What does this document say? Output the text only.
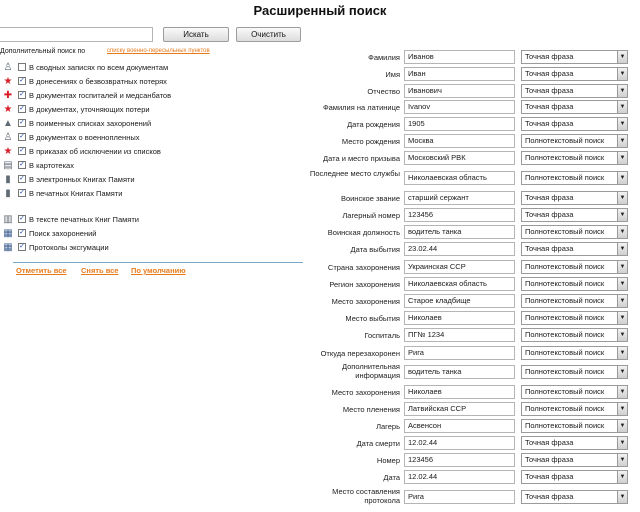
Расширенный поиск
Искать	Очистить
Дополнительный поиск по	списку военно-пересыльных пунктов
♙ В сводных записях по всем документам
★ ✓ В донесениях о безвозвратных потерях
✚ ✓ В документах госпиталей и медсанбатов
★ ✓ В документах, уточняющих потери
▲ ✓ В поименных списках захоронений
♙ ✓ В документах о военнопленных
★ ✓ В приказах об исключении из списков
▤ ✓ В картотеках
▮	✓ В электронных Книгах Памяти
▮	✓ В печатных Книгах Памяти
▥ ✓ В тексте печатных Книг Памяти
▦ ✓ Поиск захоронений
▦ ✓ Протоколы эксгумации
Отметить все Снять все По умолчанию
Фамилия	Иванов	Точная фраза	▼
Имя	Иван	Точная фраза	▼
Отчество	Иванович	Точная фраза	▼
Фамилия на латинице	Ivanov	Точная фраза	▼
Дата рождения	1905	Точная фраза	▼
Место рождения	Москва	Полнотекстовый поиск	▼
Дата и место призыва	Московский РВК	Полнотекстовый поиск	▼
Последнее место службы	Николаевская область	Полнотекстовый поиск	▼
Воинское звание	старший сержант	Точная фраза	▼
Лагерный номер	123456	Точная фраза	▼
Воинская должность	водитель танка	Полнотекстовый поиск	▼
Дата выбытия	23.02.44	Точная фраза	▼
Страна захоронения	Украинская ССР	Полнотекстовый поиск	▼
Регион захоронения	Николаевская область	Полнотекстовый поиск	▼
Место захоронения	Старое кладбище	Полнотекстовый поиск	▼
Место выбытия	Николаев	Полнотекстовый поиск	▼
Госпиталь	ПГ№ 1234	Полнотекстовый поиск	▼
Откуда перезахоронен	Рига	Полнотекстовый поиск	▼
Дополнительная информация	водитель танка	Полнотекстовый поиск	▼
Место захоронения	Николаев	Полнотекстовый поиск	▼
Место пленения	Латвийская ССР	Полнотекстовый поиск	▼
Лагерь	Асвенсон	Полнотекстовый поиск	▼
Дата смерти	12.02.44	Точная фраза	▼
Номер	123456	Точная фраза	▼
Дата	12.02.44	Точная фраза	▼
Место составления протокола	Рига	Точная фраза	▼
